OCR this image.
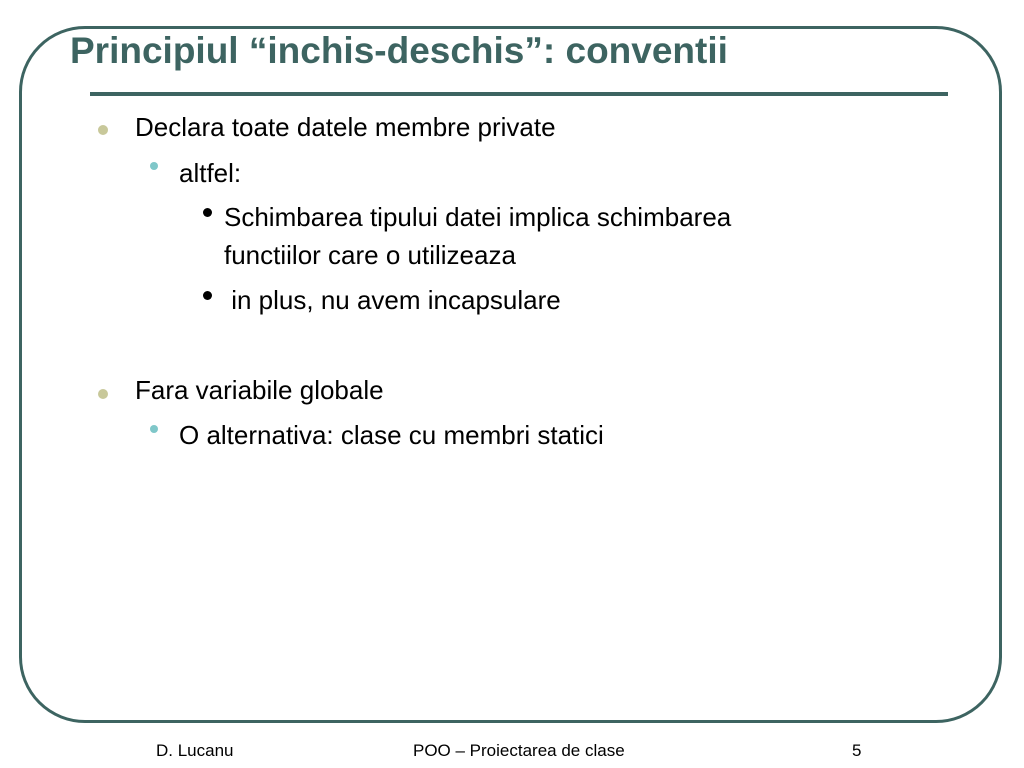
Principiul “inchis-deschis”: conventii
Declara toate datele membre private
altfel:
Schimbarea tipului datei implica schimbarea
functiilor care o utilizeaza
in plus, nu avem incapsulare
Fara variabile globale
O alternativa: clase cu membri statici
D. Lucanu	POO – Proiectarea de clase	5
